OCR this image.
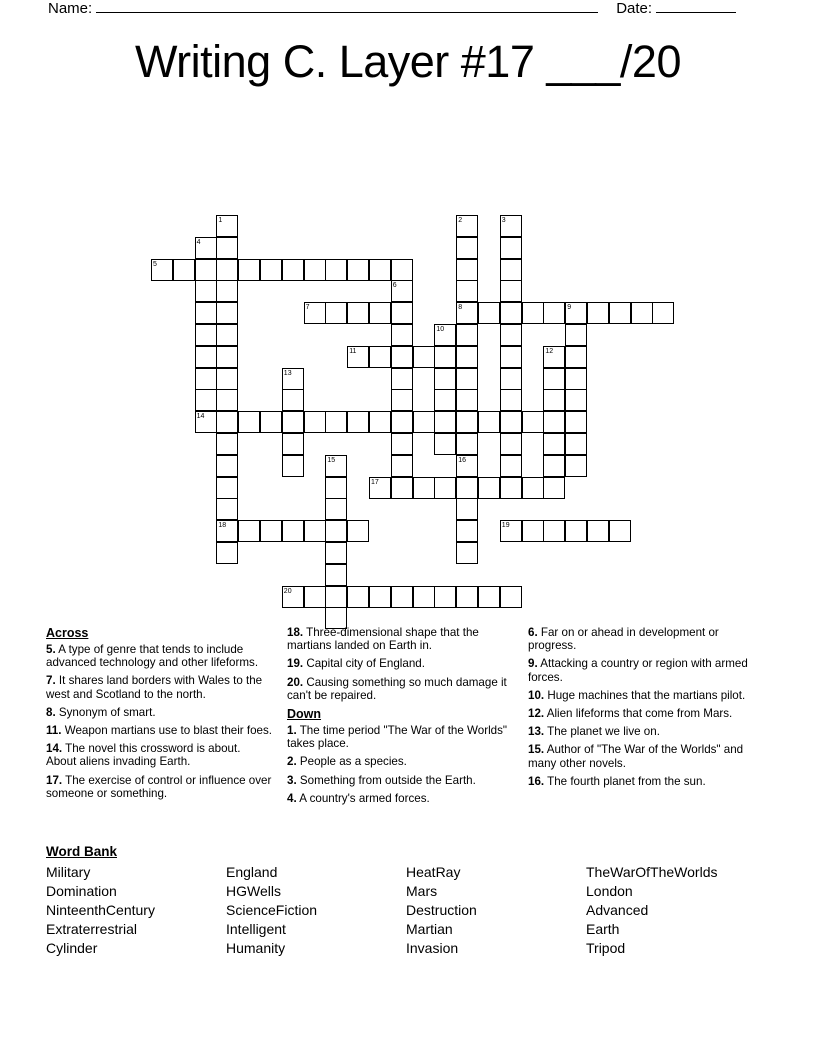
Name:	Date:
Writing C. Layer #17 ___/20
1	2	3
4
5
6
7	8	9
10
11	12
13
14
15	16
17
18	19
20
Across
5. A type of genre that tends to include advanced technology and other lifeforms.
7. It shares land borders with Wales to the west and Scotland to the north.
8. Synonym of smart.
11. Weapon martians use to blast their foes.
14. The novel this crossword is about. About aliens invading Earth.
17. The exercise of control or influence over someone or something.
18. Three-dimensional shape that the martians landed on Earth in.
19. Capital city of England.
20. Causing something so much damage it can't be repaired.
Down
1. The time period "The War of the Worlds" takes place.
2. People as a species.
3. Something from outside the Earth.
4. A country's armed forces.
6. Far on or ahead in development or progress.
9. Attacking a country or region with armed forces.
10. Huge machines that the martians pilot.
12. Alien lifeforms that come from Mars.
13. The planet we live on.
15. Author of "The War of the Worlds" and many other novels.
16. The fourth planet from the sun.
Word Bank
Military	England	HeatRay	TheWarOfTheWorlds
Domination	HGWells	Mars	London
NinteenthCentury	ScienceFiction	Destruction	Advanced
Extraterrestrial	Intelligent	Martian	Earth
Cylinder	Humanity	Invasion	Tripod
